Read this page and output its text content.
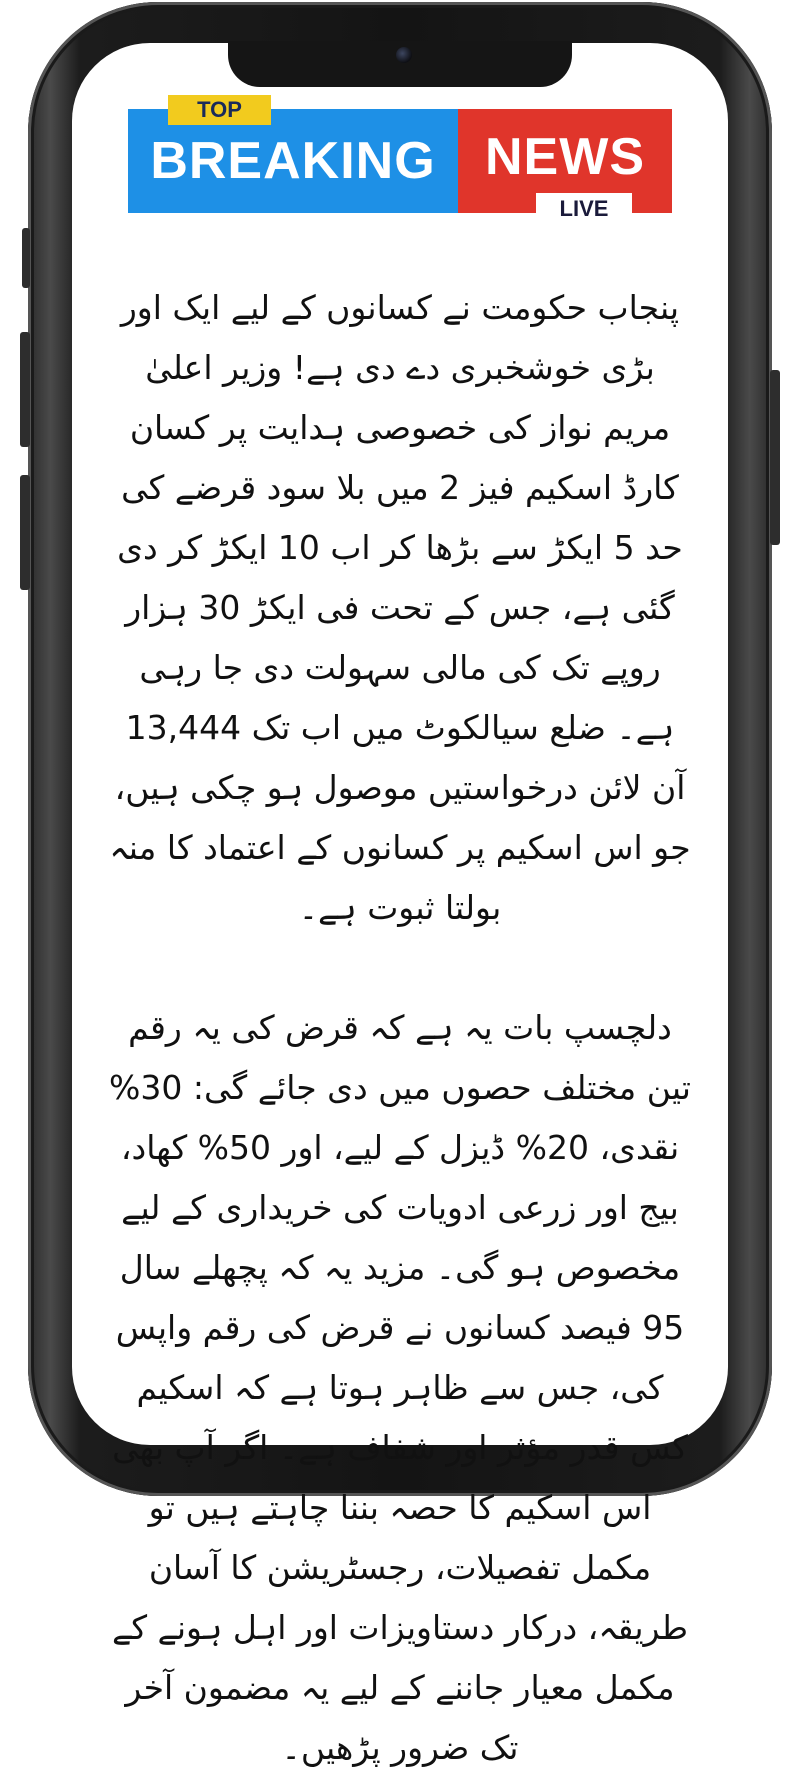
BREAKING NEWS
TOP
LIVE

پنجاب حکومت نے کسانوں کے لیے ایک اور بڑی خوشخبری دے دی ہے! وزیر اعلیٰ مریم نواز کی خصوصی ہدایت پر کسان کارڈ اسکیم فیز 2 میں بلا سود قرضے کی حد 5 ایکڑ سے بڑھا کر اب 10 ایکڑ کر دی گئی ہے، جس کے تحت فی ایکڑ 30 ہزار روپے تک کی مالی سہولت دی جا رہی ہے۔ ضلع سیالکوٹ میں اب تک 13,444 آن لائن درخواستیں موصول ہو چکی ہیں، جو اس اسکیم پر کسانوں کے اعتماد کا منہ بولتا ثبوت ہے۔

دلچسپ بات یہ ہے کہ قرض کی یہ رقم تین مختلف حصوں میں دی جائے گی: 30% نقدی، 20% ڈیزل کے لیے، اور 50% کھاد، بیج اور زرعی ادویات کی خریداری کے لیے مخصوص ہو گی۔ مزید یہ کہ پچھلے سال 95 فیصد کسانوں نے قرض کی رقم واپس کی، جس سے ظاہر ہوتا ہے کہ اسکیم کس قدر مؤثر اور شفاف ہے۔ اگر آپ بھی اس اسکیم کا حصہ بننا چاہتے ہیں تو مکمل تفصیلات، رجسٹریشن کا آسان طریقہ، درکار دستاویزات اور اہل ہونے کے مکمل معیار جاننے کے لیے یہ مضمون آخر تک ضرور پڑھیں۔
